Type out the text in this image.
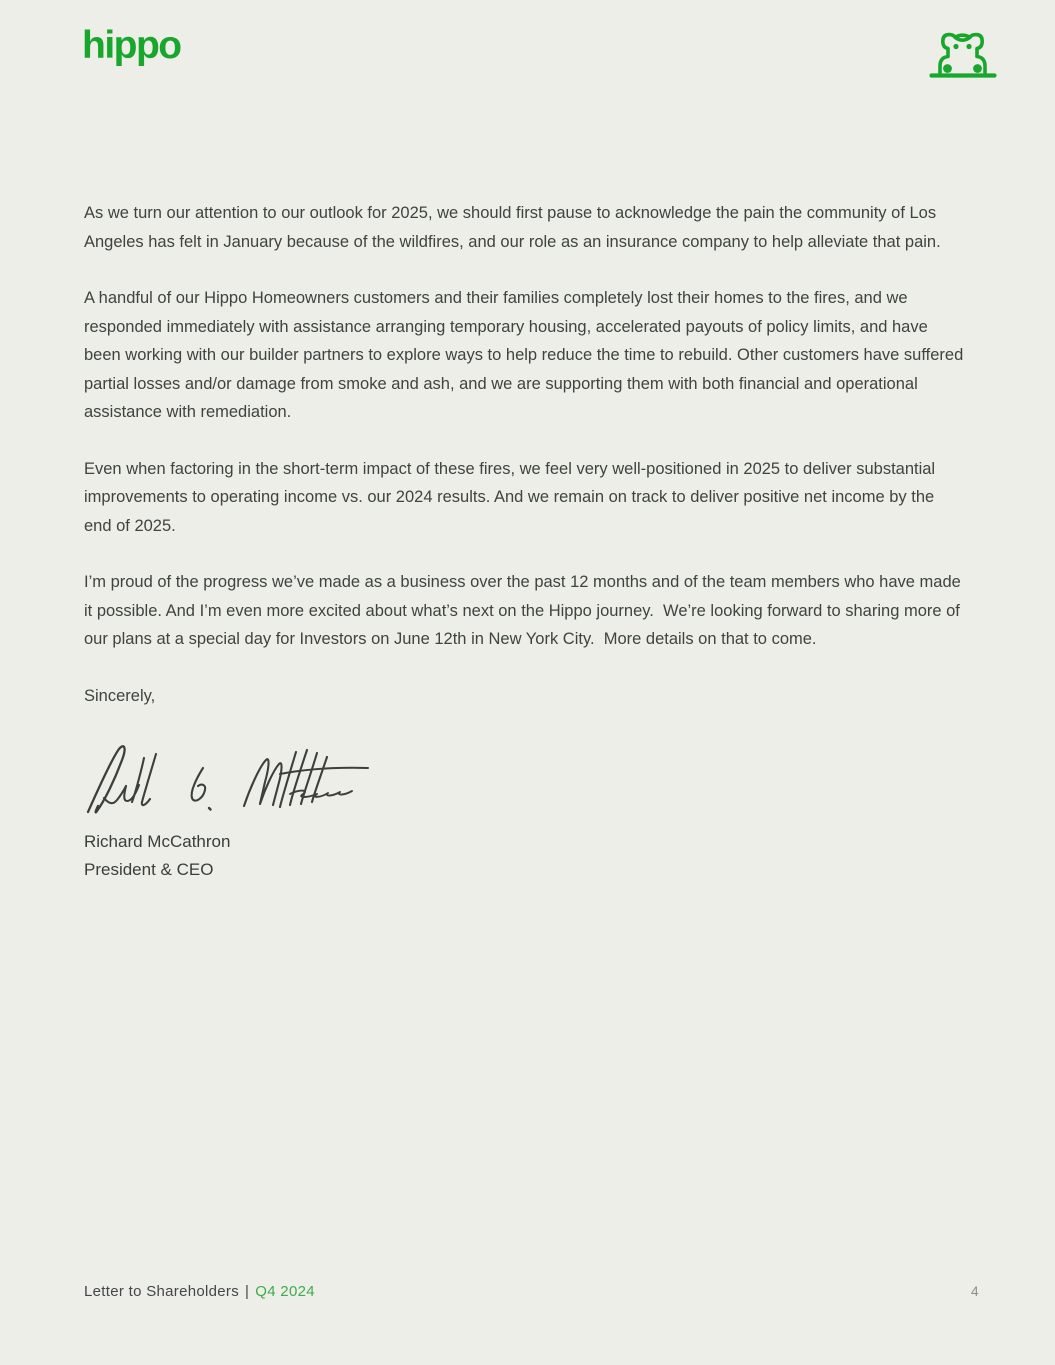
hippo

As we turn our attention to our outlook for 2025, we should first pause to acknowledge the pain the community of Los Angeles has felt in January because of the wildfires, and our role as an insurance company to help alleviate that pain.

A handful of our Hippo Homeowners customers and their families completely lost their homes to the fires, and we responded immediately with assistance arranging temporary housing, accelerated payouts of policy limits, and have been working with our builder partners to explore ways to help reduce the time to rebuild. Other customers have suffered partial losses and/or damage from smoke and ash, and we are supporting them with both financial and operational assistance with remediation.

Even when factoring in the short-term impact of these fires, we feel very well-positioned in 2025 to deliver substantial improvements to operating income vs. our 2024 results. And we remain on track to deliver positive net income by the end of 2025.

I’m proud of the progress we’ve made as a business over the past 12 months and of the team members who have made it possible. And I’m even more excited about what’s next on the Hippo journey.  We’re looking forward to sharing more of our plans at a special day for Investors on June 12th in New York City.  More details on that to come.

Sincerely,

Richard McCathron

President & CEO

Letter to Shareholders | Q4 2024	4
